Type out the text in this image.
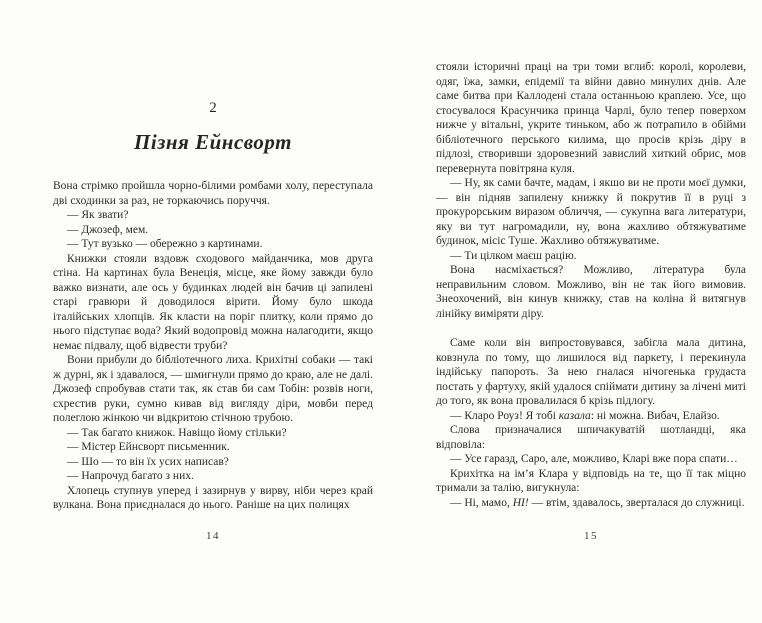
2
Пізня Ейнсворт

Вона стрімко пройшла чорно-білими ромбами холу, переступала дві сходинки за раз, не торкаючись поруччя.

— Як звати?

— Джозеф, мем.

— Тут вузько — обережно з картинами.

Книжки стояли вздовж сходового майданчика, мов друга стіна. На картинах була Венеція, місце, яке йому завжди було важко визнати, але ось у будинках людей він бачив ці запилені старі гравюри й доводилося вірити. Йому було шкода італійських хлопців. Як класти на поріг плитку, коли прямо до нього підступає вода? Який водопровід можна налагодити, якщо немає підвалу, щоб відвести труби?

Вони прибули до бібліотечного лиха. Крихітні собаки — такі ж дурні, як і здавалося, — шмигнули прямо до краю, але не далі. Джозеф спробував стати так, як став би сам Тобін: розвів ноги, схрестив руки, сумно кивав від вигляду діри, мовби перед полеглою жінкою чи відкритою стічною трубою.

— Так багато книжок. Навіщо йому стільки?

— Містер Ейнсворт письменник.

— Шо — то він їх усих написав?

— Напрочуд багато з них.

Хлопець ступнув уперед і зазирнув у вирву, ніби через край вулкана. Вона приєдналася до нього. Раніше на цих полицях

14

стояли історичні праці на три томи вглиб: королі, королеви, одяг, їжа, замки, епідемії та війни давно минулих днів. Але саме битва при Каллодені стала останньою краплею. Усе, що стосувалося Красунчика принца Чарлі, було тепер поверхом нижче у вітальні, укрите тиньком, або ж потрапило в обійми бібліотечного перського килима, що просів крізь діру в підлозі, створивши здоровезний завислий хиткий обрис, мов перевернута повітряна куля.

— Ну, як сами бачте, мадам, і якшо ви не проти моєї думки, — він підняв запилену книжку й покрутив її в руці з прокурорським виразом обличчя, — сукупна вага литератури, яку ви тут нагромадили, ну, вона жахливо обтяжуватиме будинок, місіс Туше. Жахливо обтяжуватиме.

— Ти цілком маєш рацію.

Вона насміхається? Можливо, література була неправильним словом. Можливо, він не так його вимовив. Знеохочений, він кинув книжку, став на коліна й витягнув лінійку виміряти діру.

Саме коли він випростовувався, забігла мала дитина, ковзнула по тому, що лишилося від паркету, і перекинула індійську папороть. За нею гналася нічогенька грудаста постать у фартуху, якій удалося спіймати дитину за лічені миті до того, як вона провалилася б крізь підлогу.

— Кларо Роуз! Я тобі казала: ні можна. Вибач, Елайзо.

Слова призначалися шпичакуватій шотландці, яка відповіла:

— Усе гаразд, Саро, але, можливо, Кларі вже пора спати…

Крихітка на ім’я Клара у відповідь на те, що її так міцно тримали за талію, вигукнула:

— Ні, мамо, НІ! — втім, здавалось, зверталася до служниці.

15
